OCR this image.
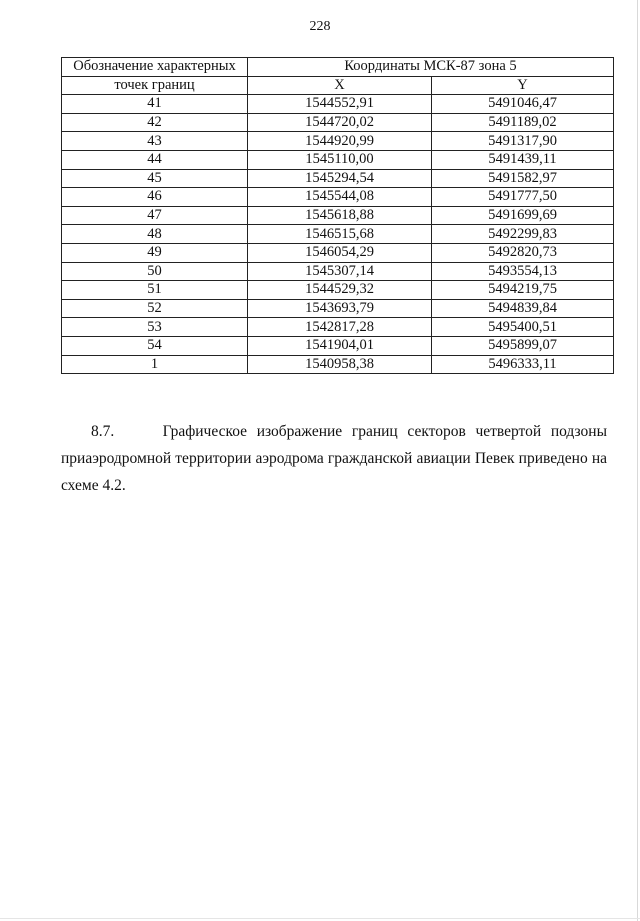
228
Обозначение характерных	Координаты МСК-87 зона 5	
точек границ	X	Y
41	1544552,91	5491046,47
42	1544720,02	5491189,02
43	1544920,99	5491317,90
44	1545110,00	5491439,11
45	1545294,54	5491582,97
46	1545544,08	5491777,50
47	1545618,88	5491699,69
48	1546515,68	5492299,83
49	1546054,29	5492820,73
50	1545307,14	5493554,13
51	1544529,32	5494219,75
52	1543693,79	5494839,84
53	1542817,28	5495400,51
54	1541904,01	5495899,07
1	1540958,38	5496333,11
8.7.	Графическое изображение границ секторов четвертой подзоны приаэродромной территории аэродрома гражданской авиации Певек приведено на схеме 4.2.
